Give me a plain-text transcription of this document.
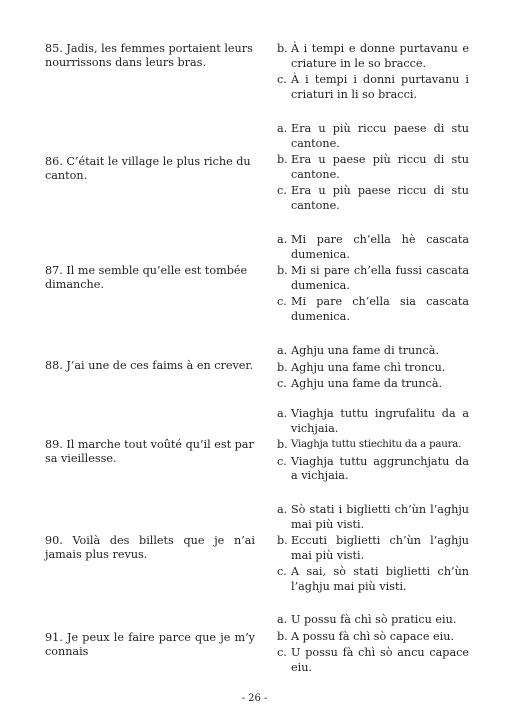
85. Jadis, les femmes portaient leurs nourrissons dans leurs bras.
b. À i tempi e donne purtavanu e criature in le so bracce.
c. À i tempi i donni purtavanu i criaturi in li so bracci.
86. C’était le village le plus riche du canton.
a. Era u più riccu paese di stu cantone.
b. Era u paese più riccu di stu cantone.
c. Era u più paese riccu di stu cantone.
87. Il me semble qu’elle est tombée dimanche.
a. Mi pare ch’ella hè cascata dumenica.
b. Mi si pare ch’ella fussi cascata dumenica.
c. Mi pare ch’ella sia cascata dumenica.
88. J’ai une de ces faims à en crever.
a. Aghju una fame di truncà.
b. Aghju una fame chì troncu.
c. Aghju una fame da truncà.
89. Il marche tout voûté qu’il est par sa vieillesse.
a. Viaghja tuttu ingrufalitu da a vichjaia.
b. Viaghja tuttu stiechitu da a paura.
c. Viaghja tuttu aggrunchjatu da a vichjaia.
90. Voilà des billets que je n’ai jamais plus revus.
a. Sò stati i biglietti ch’ùn l’aghju mai più visti.
b. Eccuti biglietti ch’ùn l’aghju mai più visti.
c. A sai, sò stati biglietti ch’ùn l’aghju mai più visti.
91. Je peux le faire parce que je m’y connais
a. U possu fà chì sò praticu eiu.
b. A possu fà chì sò capace eiu.
c. U possu fà chì sò ancu capace eiu.
- 26 -
